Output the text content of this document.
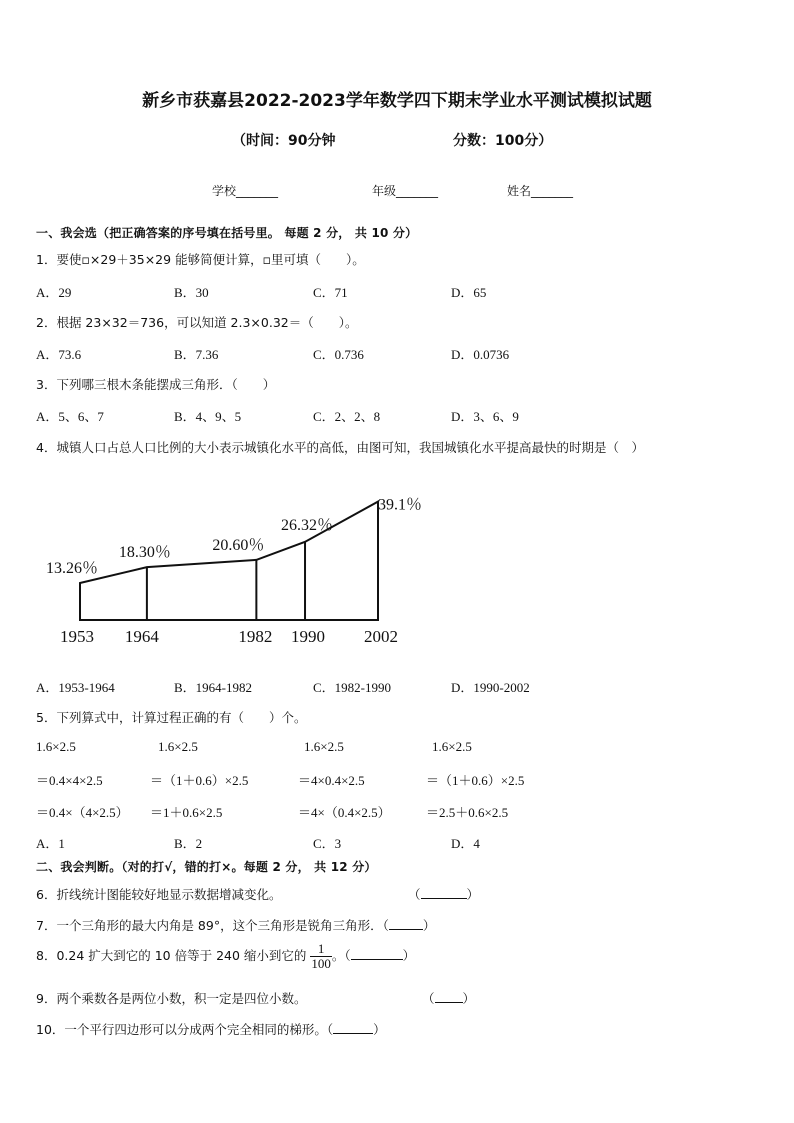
新乡市获嘉县2022-2023学年数学四下期末学业水平测试模拟试题
（时间：90分钟	分数：100分）
学校_______	年级_______	姓名_______
一、我会选（把正确答案的序号填在括号里。 每题 2 分， 共 10 分）
1．要使▫×29＋35×29 能够简便计算，▫里可填（　　）。
A．29	B．30	C．71	D．65
2．根据 23×32＝736，可以知道 2.3×0.32＝（　　）。
A．73.6	B．7.36	C．0.736	D．0.0736
3．下列哪三根木条能摆成三角形．（　　）
A．5、6、7	B．4、9、5	C．2、2、8	D．3、6、9
4．城镇人口占总人口比例的大小表示城镇化水平的高低，由图可知，我国城镇化水平提高最快的时期是（　）
13.26％
18.30％	20.60％
26.32％
39.1％
1953 1964	1982 1990 2002
A．1953-1964	B．1964-1982	C．1982-1990	D．1990-2002
5．下列算式中，计算过程正确的有（　　）个。
1.6×2.5	1.6×2.5	1.6×2.5	1.6×2.5
＝0.4×4×2.5	＝（1＋0.6）×2.5	＝4×0.4×2.5	＝（1＋0.6）×2.5
＝0.4×（4×2.5） ＝1＋0.6×2.5	＝4×（0.4×2.5）	＝2.5＋0.6×2.5
A．1	B．2	C．3	D．4
二、我会判断。（对的打√，错的打×。每题 2 分， 共 12 分）
6．折线统计图能较好地显示数据增减变化。	（	）
7．一个三角形的最大内角是 89°，这个三角形是锐角三角形．（	）
8．0.24 扩大到它的 10 倍等于 240 缩小到它的 $\frac{1}{100}$ 。（	）
9．两个乘数各是两位小数，积一定是四位小数。	（ ）
10．一个平行四边形可以分成两个完全相同的梯形。（	）
